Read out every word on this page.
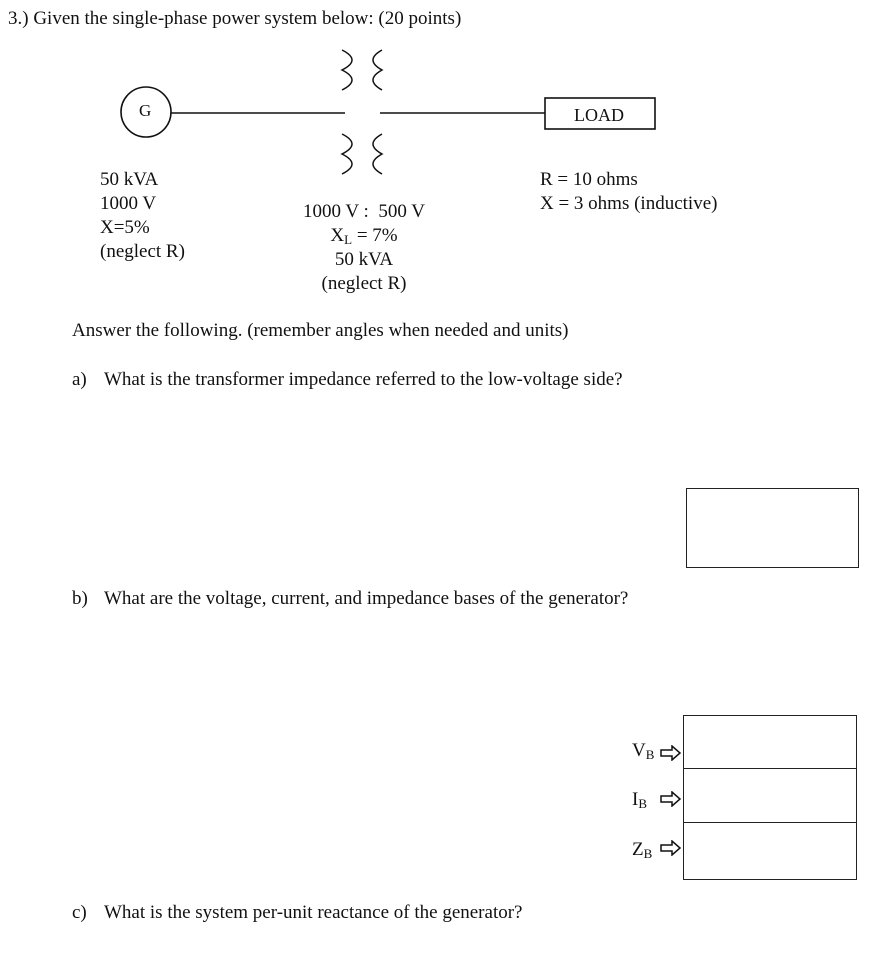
3.) Given the single-phase power system below: (20 points)
G	LOAD
50 kVA
1000 V
X=5%
(neglect R)
1000 V :  500 V
$X_L = 7\%$
50 kVA
(neglect R)
R = 10 ohms
X = 3 ohms (inductive)
Answer the following. (remember angles when needed and units)
a) What is the transformer impedance referred to the low-voltage side?
b) What are the voltage, current, and impedance bases of the generator?
$V_B$
$I_B$
$Z_B$
c) What is the system per-unit reactance of the generator?
